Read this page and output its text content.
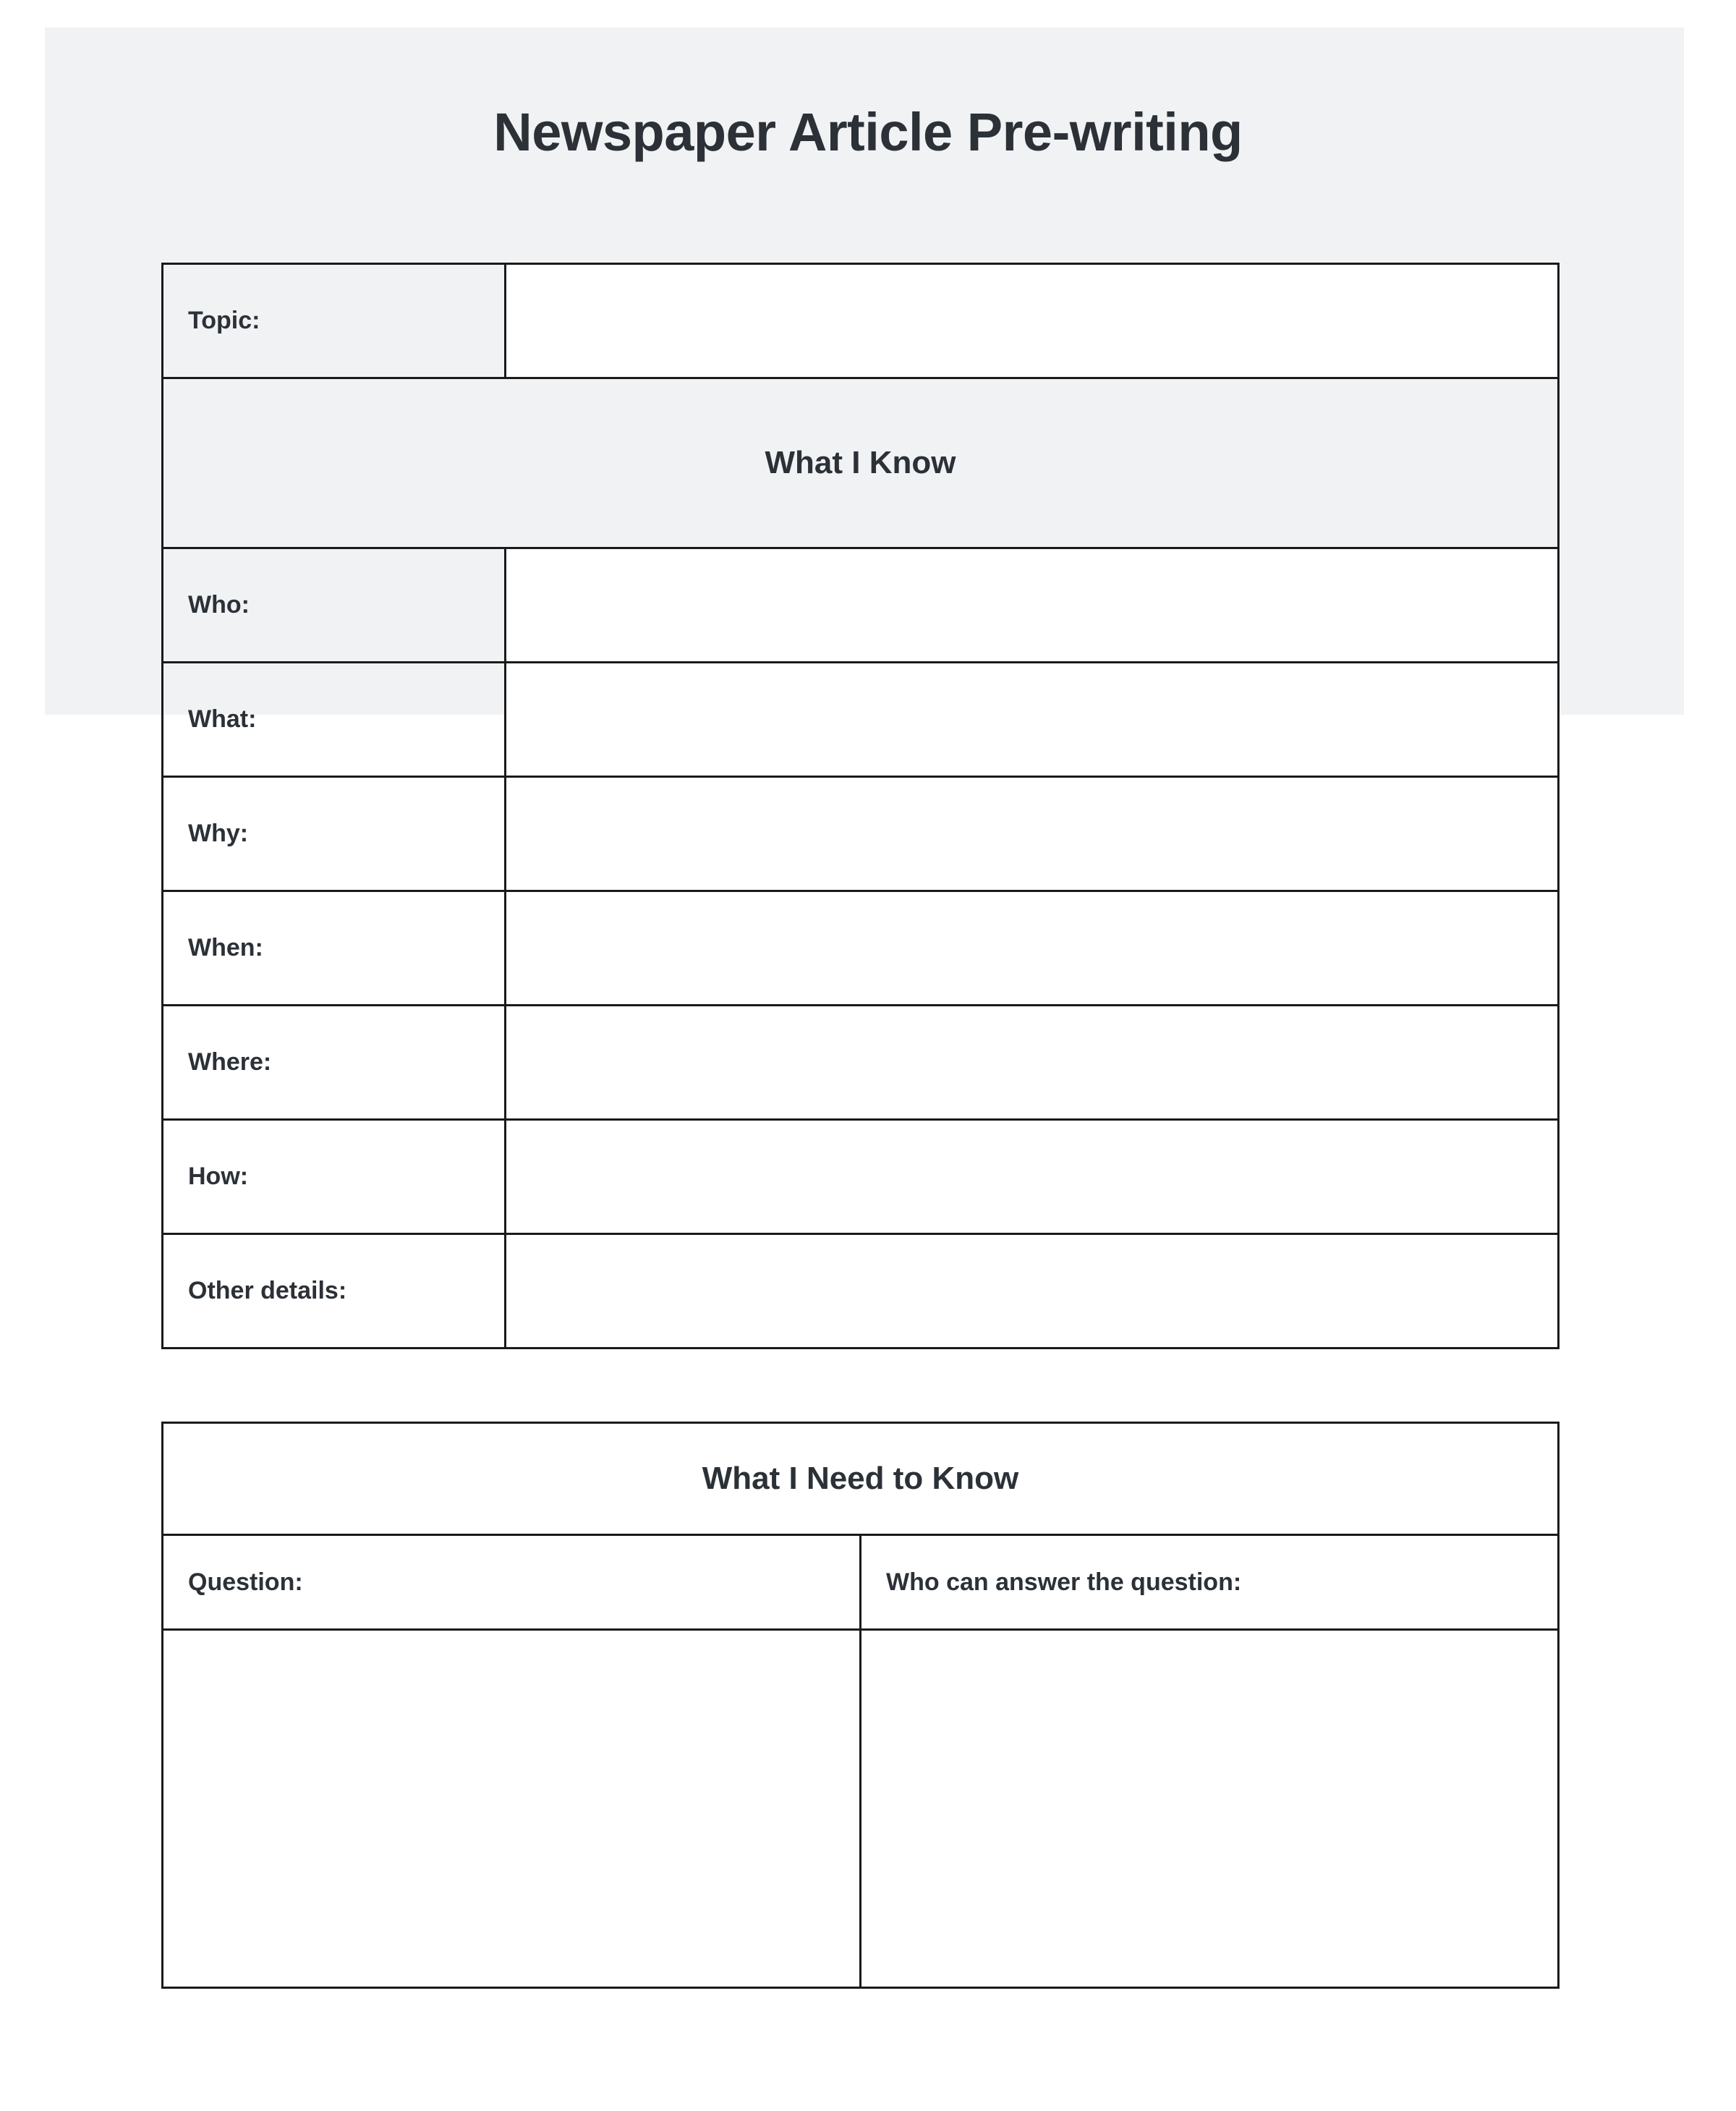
Newspaper Article Pre-writing
Topic:	
What I Know	
Who:	
What:	
Why:	
When:	
Where:	
How:	
Other details:	
What I Need to Know	
Question:	Who can answer the question:
